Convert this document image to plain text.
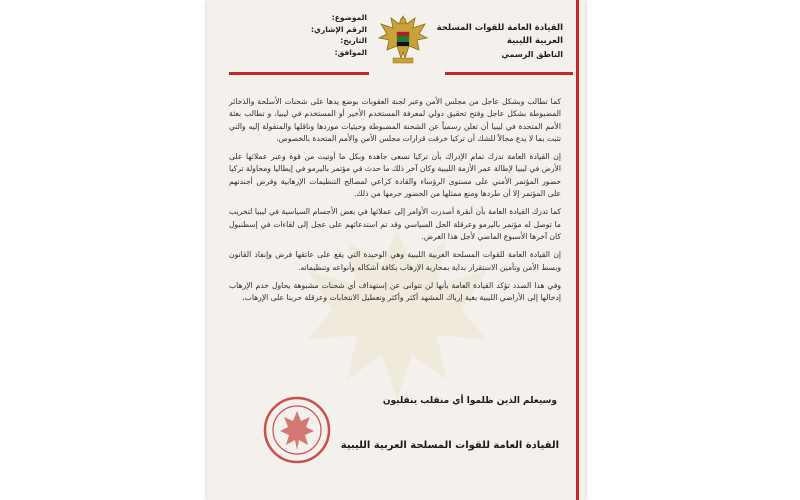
الموضوع:
الرقم الإشاري:
التاريخ:
الموافق:
القيادة العامة للقوات المسلحة العربية الليبية
الناطق الرسمي

كما تطالب وبشكل عاجل من مجلس الأمن وعبر لجنة العقوبات بوضع يدها على شحنات الأسلحة والذخائر المضبوطة بشكل عاجل وفتح تحقيق دولي لمعرفة المستخدم الأخير أو المستخدم في ليبيا، و تطالب بعثة الأمم المتحدة في ليبيا أن تعلن رسمياً عن الشحنة المضبوطة وحيثيات موردها وناقلها والمنقولة إليه والتي تثبت بما لا يدع مجالاً للشك أن تركيا خرقت قرارات مجلس الأمن والأمم المتحدة بالخصوص.

إن القيادة العامة تدرك تمام الإدراك بأن تركيا تسعى جاهدة وبكل ما أوتيت من قوة وعبر عملائها على الأرض في ليبيا لإطالة عمر الأزمة الليبية وكان آخر ذلك ما حدث في مؤتمر باليرمو في إيطاليا ومحاولة تركيا حضور المؤتمر الأمني على مستوى الرؤساء والقادة كراعي لمصالح التنظيمات الإرهابية وفرض أجندتهم على المؤتمر إلا أن طردها ومنع ممثلها من الحضور حرمها من ذلك.

كما تدرك القيادة العامة بأن أنقرة أصدرت الأوامر إلى عملائها في بعض الأجسام السياسية في ليبيا لتخريب ما توصل له مؤتمر باليرمو وعرقلة الحل السياسي وقد تم استدعائهم على عجل إلى لقاءات في إسطنبول كان آخرها الأسبوع الماضي لأجل هذا الغرض.

إن القيادة العامة للقوات المسلحة العربية الليبية وهي الوحيدة التي يقع على عاتقها فرض وإنفاذ القانون وبسط الأمن وتأمين الاستقرار بداية بمحاربة الإرهاب بكافة أشكاله وأنواعه وتنظيماته.

وفي هذا الصدد تؤكد القيادة العامة بأنها لن تتوانى عن إستهداف أي شحنات مشبوهة يحاول خدم الإرهاب إدخالها إلى الأراضي الليبية بغية إرباك المشهد أكثر وأكثر وتعطيل الانتخابات وعرقلة حربنا على الإرهاب.

وسيعلم الذين ظلموا أي منقلب ينقلبون
القيادة العامة للقوات المسلحة العربية الليبية
